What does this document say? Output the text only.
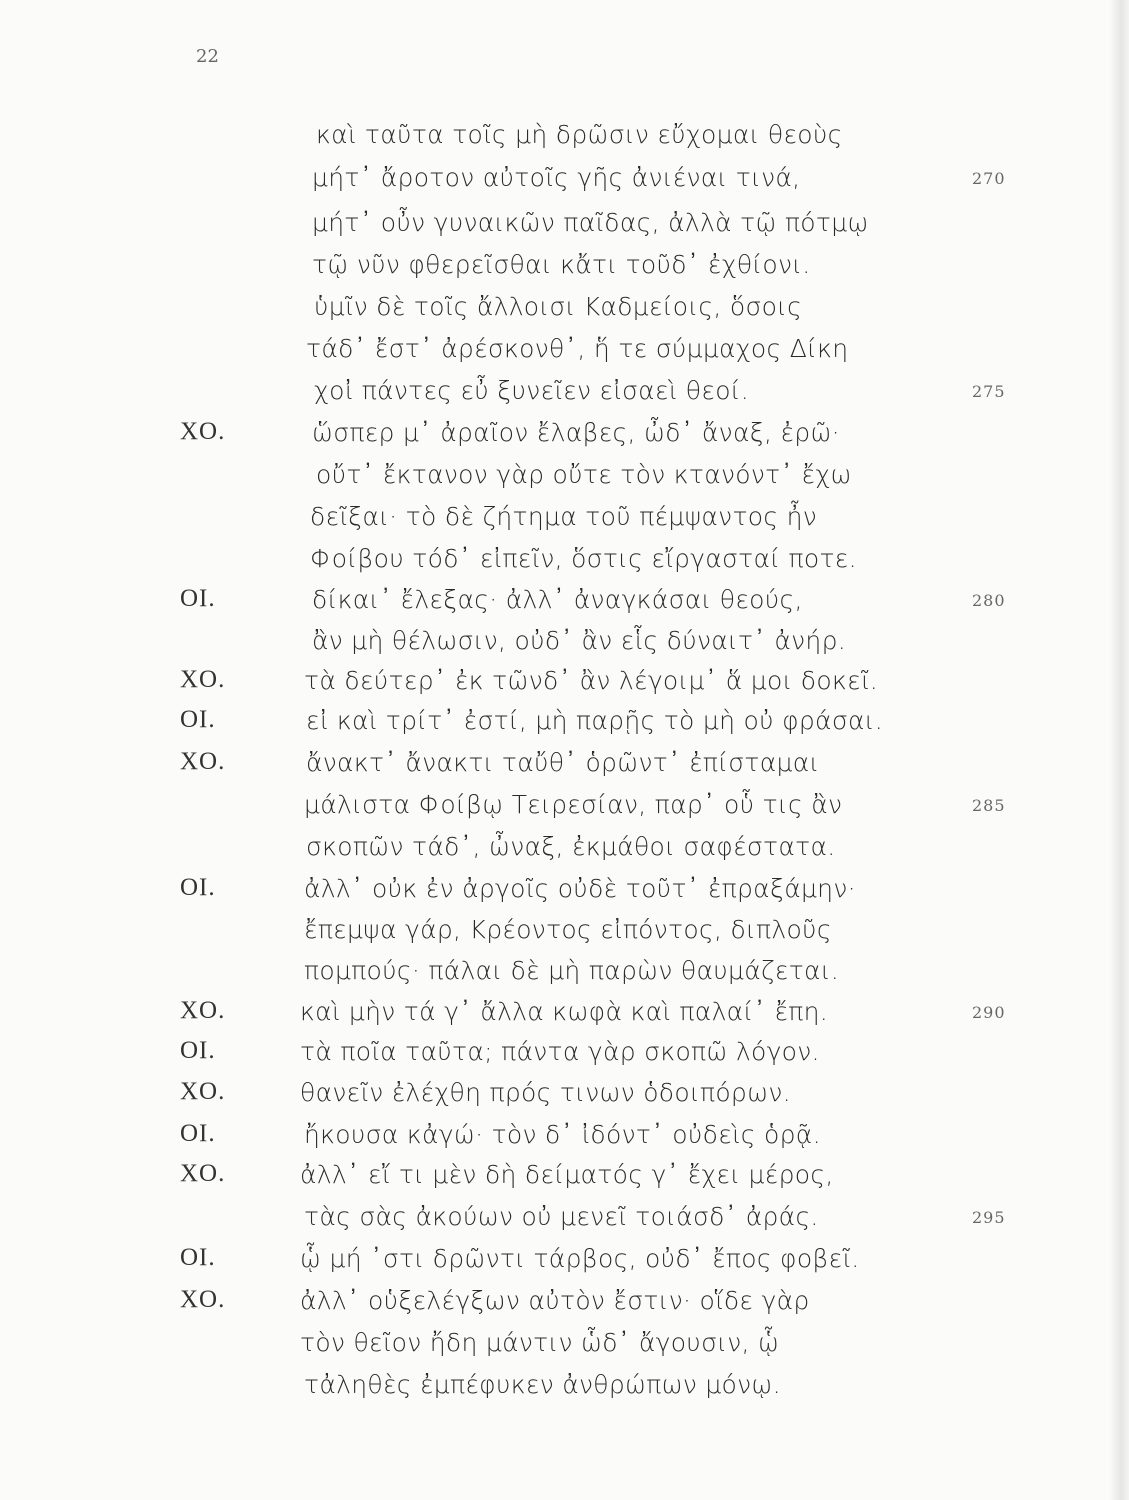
22
καὶ ταῦτα τοῖς μὴ δρῶσιν εὔχομαι θεοὺς
μήτ᾽ ἄροτον αὐτοῖς γῆς ἀνιέναι τινά,	270
μήτ᾽ οὖν γυναικῶν παῖδας, ἀλλὰ τῷ πότμῳ
τῷ νῦν φθερεῖσθαι κἄτι τοῦδ᾽ ἐχθίονι.
ὑμῖν δὲ τοῖς ἄλλοισι Καδμείοις, ὅσοις
τάδ᾽ ἔστ᾽ ἀρέσκονθ᾽, ἥ τε σύμμαχος Δίκη
χοἰ πάντες εὖ ξυνεῖεν εἰσαεὶ θεοί.	275
ΧΟ.	ὥσπερ μ᾽ ἀραῖον ἔλαβες, ὦδ᾽ ἄναξ, ἐρῶ·
οὔτ᾽ ἔκτανον γὰρ οὔτε τὸν κτανόντ᾽ ἔχω
δεῖξαι· τὸ δὲ ζήτημα τοῦ πέμψαντος ἦν
Φοίβου τόδ᾽ εἰπεῖν, ὅστις εἴργασταί ποτε.
ΟΙ.	δίκαι᾽ ἔλεξας· ἀλλ᾽ ἀναγκάσαι θεούς,	280
ἂν μὴ θέλωσιν, οὐδ᾽ ἂν εἷς δύναιτ᾽ ἀνήρ.
ΧΟ.	τὰ δεύτερ᾽ ἐκ τῶνδ᾽ ἂν λέγοιμ᾽ ἅ μοι δοκεῖ.
ΟΙ.	εἰ καὶ τρίτ᾽ ἐστί, μὴ παρῇς τὸ μὴ οὐ φράσαι.
ΧΟ.	ἄνακτ᾽ ἄνακτι ταὔθ᾽ ὁρῶντ᾽ ἐπίσταμαι
μάλιστα Φοίβῳ Τειρεσίαν, παρ᾽ οὗ τις ἂν	285
σκοπῶν τάδ᾽, ὦναξ, ἐκμάθοι σαφέστατα.
ΟΙ.	ἀλλ᾽ οὐκ ἐν ἀργοῖς οὐδὲ τοῦτ᾽ ἐπραξάμην·
ἔπεμψα γάρ, Κρέοντος εἰπόντος, διπλοῦς
πομπούς· πάλαι δὲ μὴ παρὼν θαυμάζεται.
ΧΟ.	καὶ μὴν τά γ᾽ ἄλλα κωφὰ καὶ παλαί᾽ ἔπη.	290
ΟΙ.	τὰ ποῖα ταῦτα; πάντα γὰρ σκοπῶ λόγον.
ΧΟ.	θανεῖν ἐλέχθη πρός τινων ὁδοιπόρων.
ΟΙ.	ἤκουσα κἀγώ· τὸν δ᾽ ἰδόντ᾽ οὐδεὶς ὁρᾷ.
ΧΟ.	ἀλλ᾽ εἴ τι μὲν δὴ δείματός γ᾽ ἔχει μέρος,
τὰς σὰς ἀκούων οὐ μενεῖ τοιάσδ᾽ ἀράς.	295
ΟΙ.	ᾧ μή ᾽στι δρῶντι τάρβος, οὐδ᾽ ἔπος φοβεῖ.
ΧΟ.	ἀλλ᾽ οὑξελέγξων αὐτὸν ἔστιν· οἵδε γὰρ
τὸν θεῖον ἤδη μάντιν ὧδ᾽ ἄγουσιν, ᾧ
τἀληθὲς ἐμπέφυκεν ἀνθρώπων μόνῳ.
